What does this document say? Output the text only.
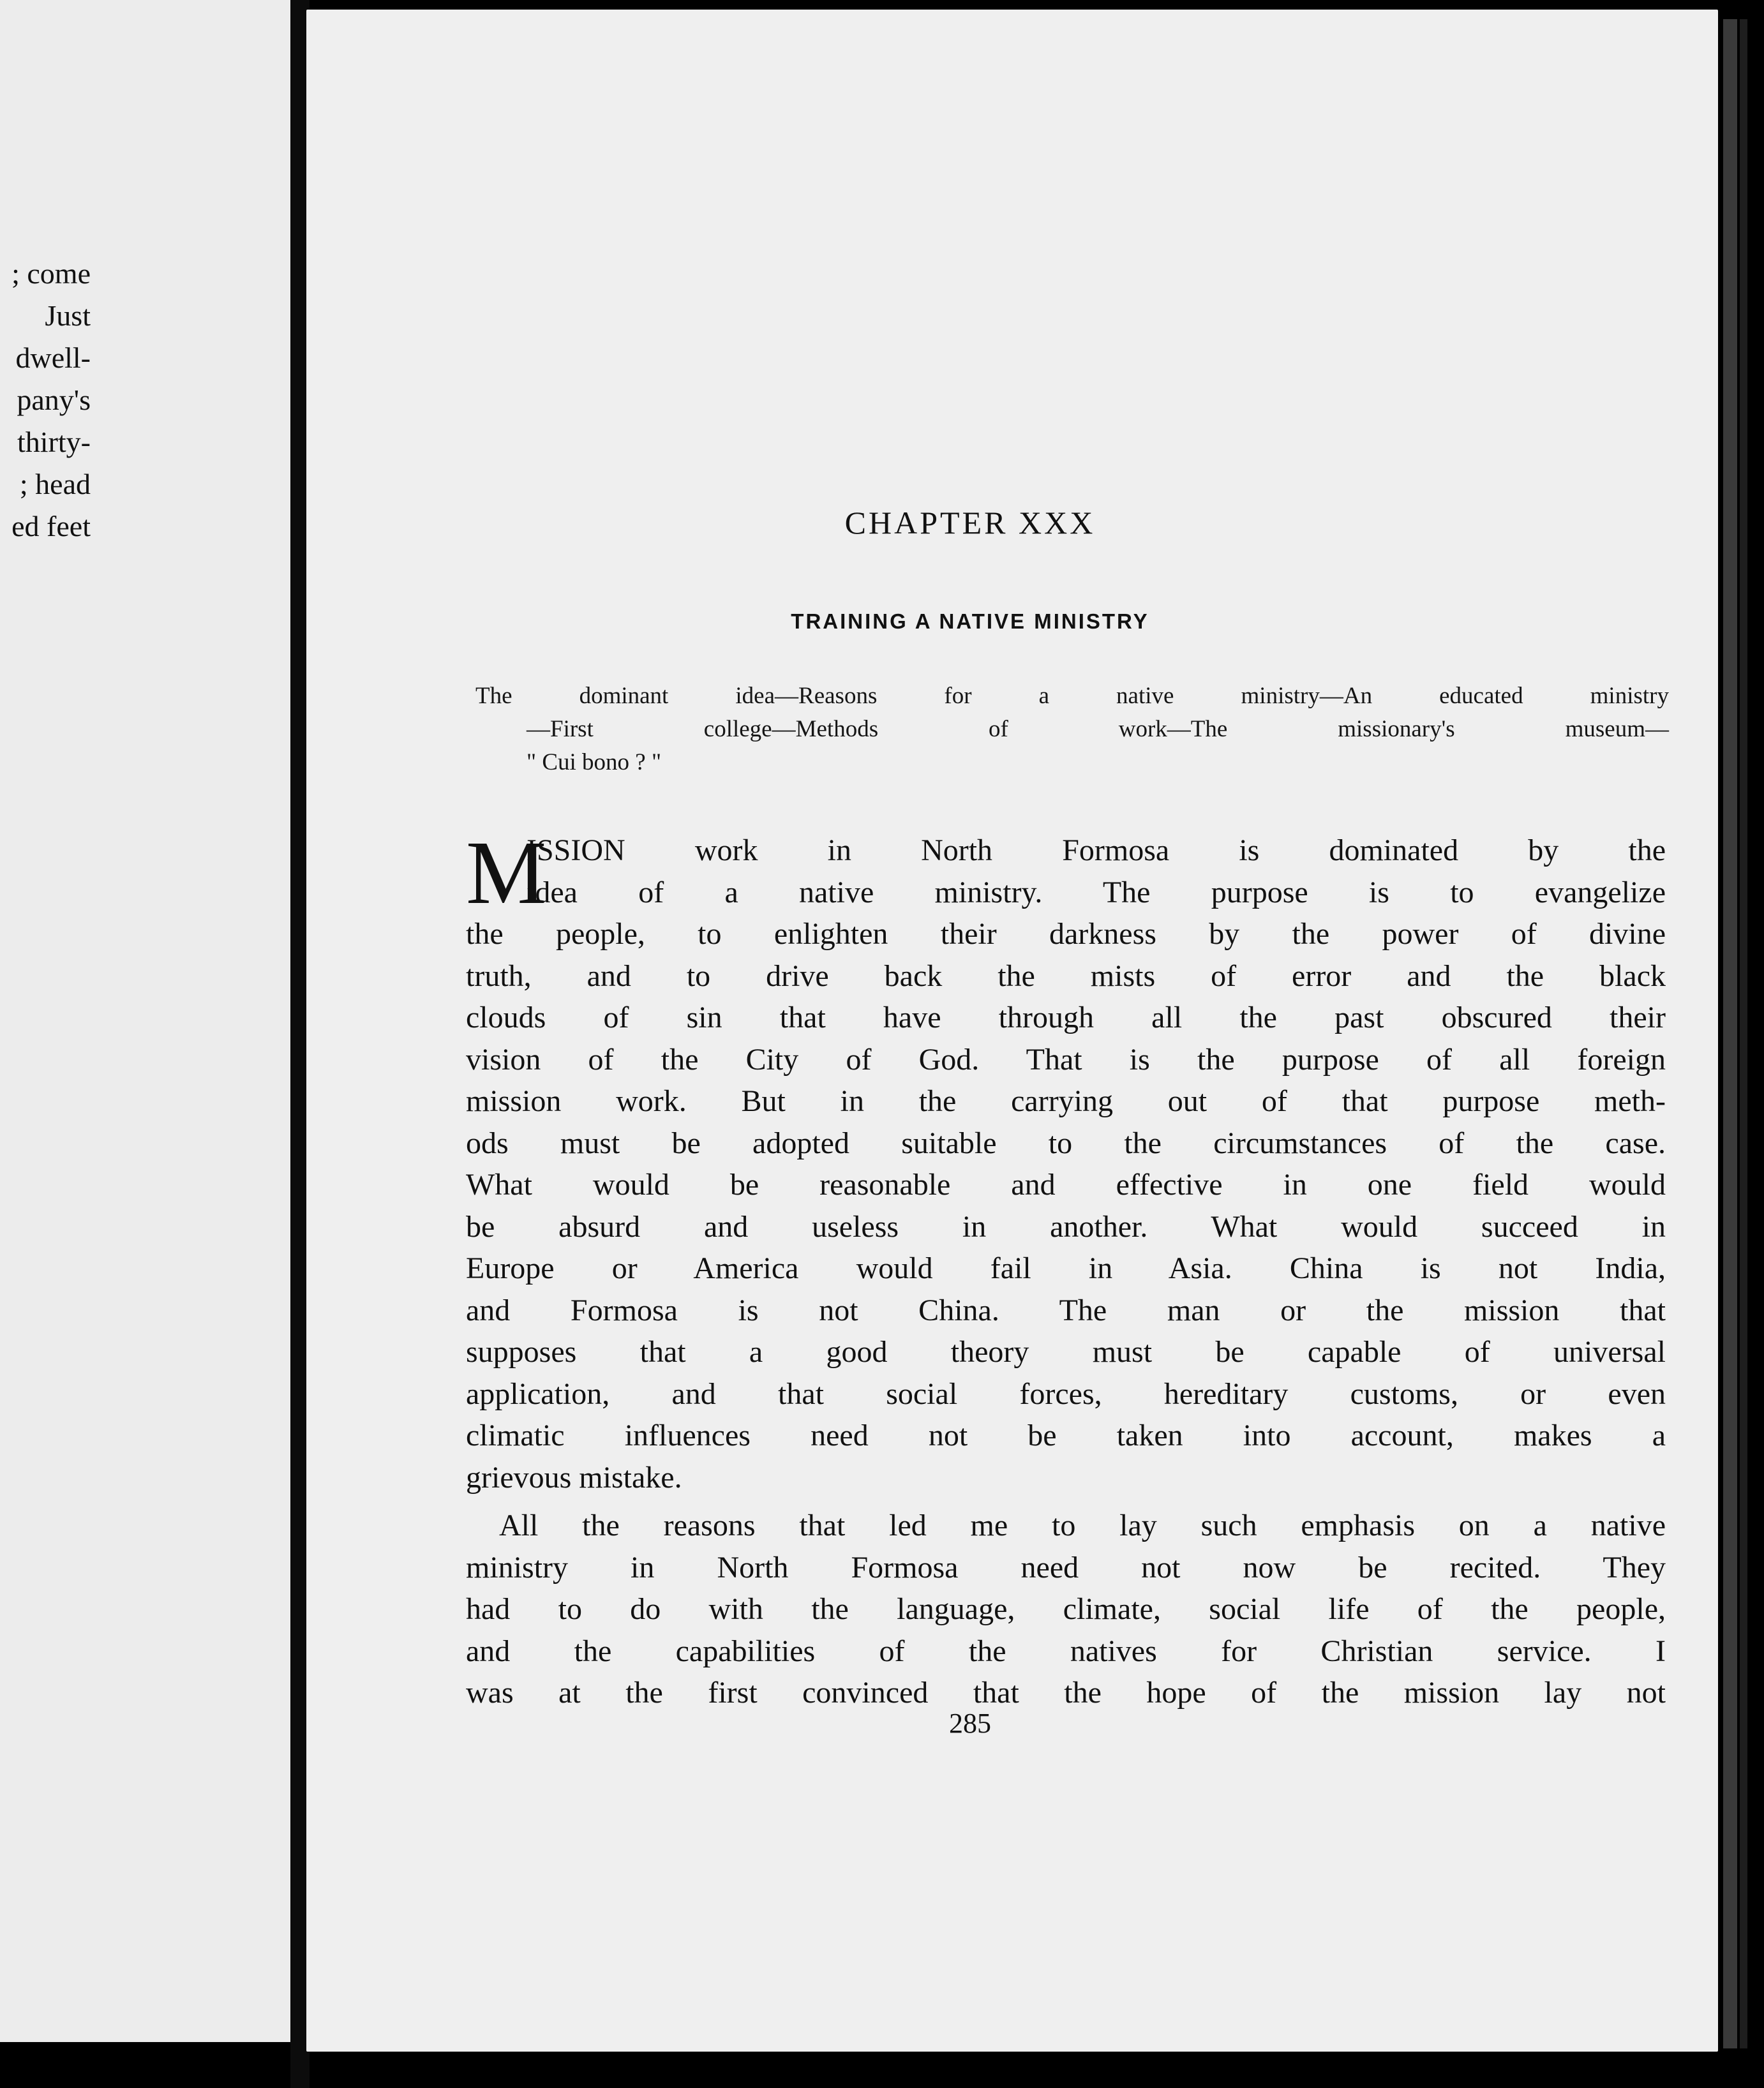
; come
Just
dwell-
pany's
thirty-
; head
ed feet	CHAPTER XXX
TRAINING A NATIVE MINISTRY
The dominant idea—Reasons for a native ministry—An educated ministry
—First college—Methods of work—The missionary's museum—
" Cui bono ? "
M
ISSION work in North Formosa is dominated by the
idea of a native ministry. The purpose is to evangelize
the people, to enlighten their darkness by the power of divine
truth, and to drive back the mists of error and the black
clouds of sin that have through all the past obscured their
vision of the City of God. That is the purpose of all foreign
mission work. But in the carrying out of that purpose meth-
ods must be adopted suitable to the circumstances of the case.
What would be reasonable and effective in one field would
be absurd and useless in another. What would succeed in
Europe or America would fail in Asia. China is not India,
and Formosa is not China. The man or the mission that
supposes that a good theory must be capable of universal
application, and that social forces, hereditary customs, or even
climatic influences need not be taken into account, makes a
grievous mistake.
All the reasons that led me to lay such emphasis on a native
ministry in North Formosa need not now be recited. They
had to do with the language, climate, social life of the people,
and the capabilities of the natives for Christian service. I
was at the first convinced that the hope of the mission lay not
285
